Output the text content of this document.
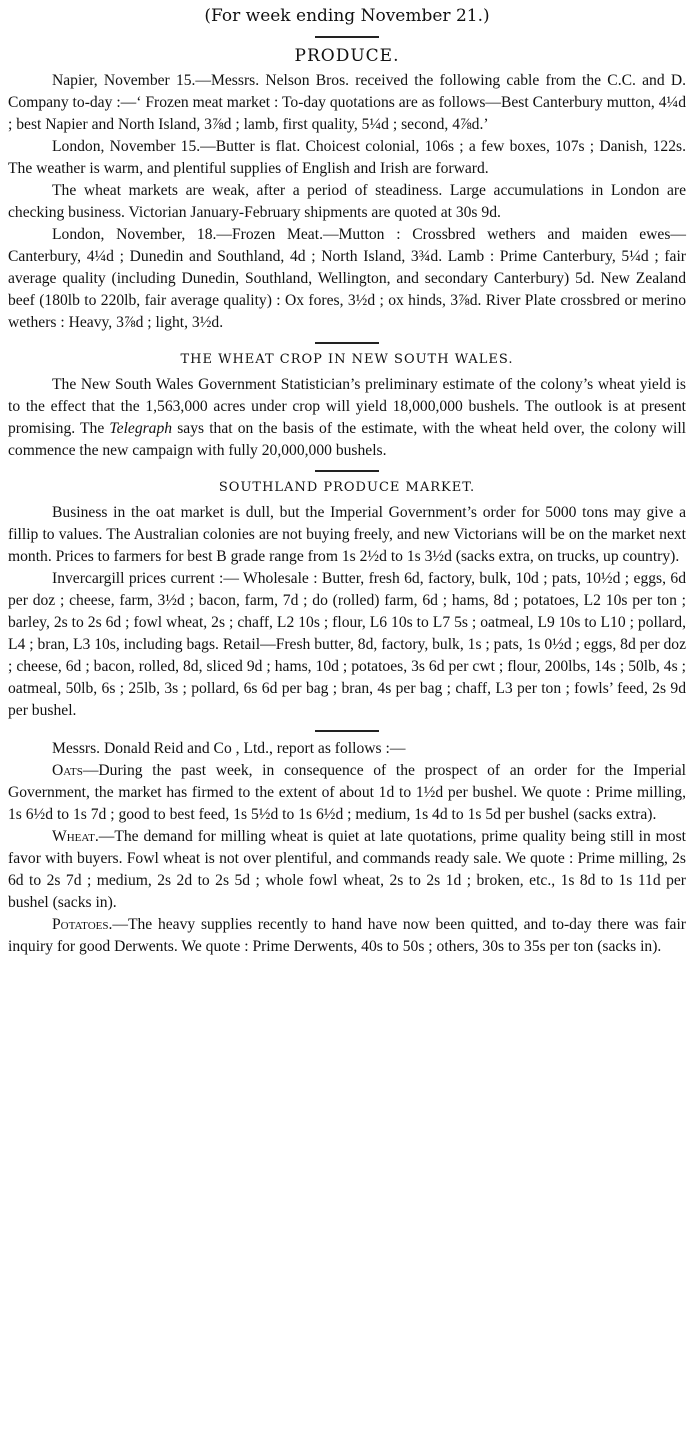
(For week ending November 21.)

PRODUCE.

Napier, November 15.—Messrs. Nelson Bros. received the following cable from the C.C. and D. Company to-day :—‘ Frozen meat market : To-day quotations are as follows—Best Canterbury mutton, 4¼d ; best Napier and North Island, 3⅞d ; lamb, first quality, 5¼d ; second, 4⅞d.’

London, November 15.—Butter is flat. Choicest colonial, 106s ; a few boxes, 107s ; Danish, 122s. The weather is warm, and plentiful supplies of English and Irish are forward.

The wheat markets are weak, after a period of steadiness. Large accumulations in London are checking business. Victorian January-February shipments are quoted at 30s 9d.

London, November, 18.—Frozen Meat.—Mutton : Crossbred wethers and maiden ewes—Canterbury, 4¼d ; Dunedin and Southland, 4d ; North Island, 3¾d. Lamb : Prime Canterbury, 5¼d ; fair average quality (including Dunedin, Southland, Wellington, and secondary Canterbury) 5d. New Zealand beef (180lb to 220lb, fair average quality) : Ox fores, 3½d ; ox hinds, 3⅞d. River Plate crossbred or merino wethers : Heavy, 3⅞d ; light, 3½d.

THE WHEAT CROP IN NEW SOUTH WALES.

The New South Wales Government Statistician’s preliminary estimate of the colony’s wheat yield is to the effect that the 1,563,000 acres under crop will yield 18,000,000 bushels. The outlook is at present promising. The Telegraph says that on the basis of the estimate, with the wheat held over, the colony will commence the new campaign with fully 20,000,000 bushels.

SOUTHLAND PRODUCE MARKET.

Business in the oat market is dull, but the Imperial Government’s order for 5000 tons may give a fillip to values. The Australian colonies are not buying freely, and new Victorians will be on the market next month. Prices to farmers for best B grade range from 1s 2½d to 1s 3½d (sacks extra, on trucks, up country).

Invercargill prices current :— Wholesale : Butter, fresh 6d, factory, bulk, 10d ; pats, 10½d ; eggs, 6d per doz ; cheese, farm, 3½d ; bacon, farm, 7d ; do (rolled) farm, 6d ; hams, 8d ; potatoes, L2 10s per ton ; barley, 2s to 2s 6d ; fowl wheat, 2s ; chaff, L2 10s ; flour, L6 10s to L7 5s ; oatmeal, L9 10s to L10 ; pollard, L4 ; bran, L3 10s, including bags. Retail—Fresh butter, 8d, factory, bulk, 1s ; pats, 1s 0½d ; eggs, 8d per doz ; cheese, 6d ; bacon, rolled, 8d, sliced 9d ; hams, 10d ; potatoes, 3s 6d per cwt ; flour, 200lbs, 14s ; 50lb, 4s ; oatmeal, 50lb, 6s ; 25lb, 3s ; pollard, 6s 6d per bag ; bran, 4s per bag ; chaff, L3 per ton ; fowls’ feed, 2s 9d per bushel.

Messrs. Donald Reid and Co , Ltd., report as follows :—

Oats—During the past week, in consequence of the prospect of an order for the Imperial Government, the market has firmed to the extent of about 1d to 1½d per bushel. We quote : Prime milling, 1s 6½d to 1s 7d ; good to best feed, 1s 5½d to 1s 6½d ; medium, 1s 4d to 1s 5d per bushel (sacks extra).

Wheat.—The demand for milling wheat is quiet at late quotations, prime quality being still in most favor with buyers. Fowl wheat is not over plentiful, and commands ready sale. We quote : Prime milling, 2s 6d to 2s 7d ; medium, 2s 2d to 2s 5d ; whole fowl wheat, 2s to 2s 1d ; broken, etc., 1s 8d to 1s 11d per bushel (sacks in).

Potatoes.—The heavy supplies recently to hand have now been quitted, and to-day there was fair inquiry for good Derwents. We quote : Prime Derwents, 40s to 50s ; others, 30s to 35s per ton (sacks in).
